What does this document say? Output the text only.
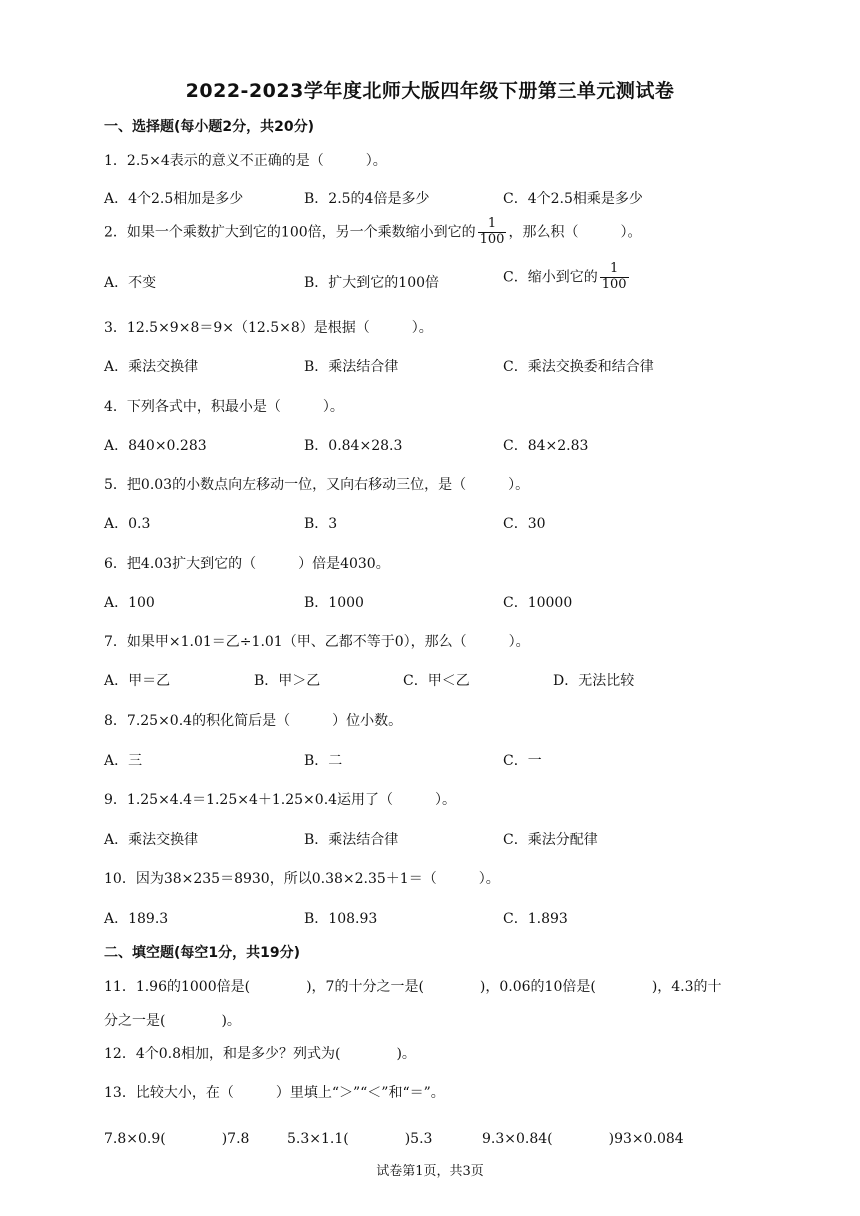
2022-2023学年度北师大版四年级下册第三单元测试卷
一、选择题(每小题2分，共20分)
1．2.5×4表示的意义不正确的是（　　　）。
A．4个2.5相加是多少	B．2.5的4倍是多少	C．4个2.5相乘是多少
2．如果一个乘数扩大到它的100倍，另一个乘数缩小到它的 $\frac{1}{100}$ ，那么积（　　　）。
A．不变	B．扩大到它的100倍	C．缩小到它的 $\frac{1}{100}$
3．12.5×9×8＝9×（12.5×8）是根据（　　　）。
A．乘法交换律	B．乘法结合律	C．乘法交换委和结合律
4．下列各式中，积最小是（　　　）。
A．840×0.283	B．0.84×28.3	C．84×2.83
5．把0.03的小数点向左移动一位，又向右移动三位，是（　　　）。
A．0.3	B．3	C．30
6．把4.03扩大到它的（　　　）倍是4030。
A．100	B．1000	C．10000
7．如果甲×1.01＝乙÷1.01（甲、乙都不等于0），那么（　　　）。
A．甲＝乙	B．甲＞乙	C．甲＜乙	D．无法比较
8．7.25×0.4的积化简后是（　　　）位小数。
A．三	B．二	C．一
9．1.25×4.4＝1.25×4＋1.25×0.4运用了（　　　）。
A．乘法交换律	B．乘法结合律	C．乘法分配律
10．因为38×235＝8930，所以0.38×2.35＋1＝（　　　）。
A．189.3	B．108.93	C．1.893
二、填空题(每空1分，共19分)
11．1.96的1000倍是(　　　　)，7的十分之一是(　　　　)，0.06的10倍是(　　　　)，4.3的十
分之一是(　　　　)。
12．4个0.8相加，和是多少？列式为(　　　　)。
13．比较大小，在（　　　）里填上“＞”“＜”和“＝”。
7.8×0.9(　　　　)7.8	5.3×1.1(　　　　)5.3	9.3×0.84(　　　　)93×0.084
试卷第1页，共3页
